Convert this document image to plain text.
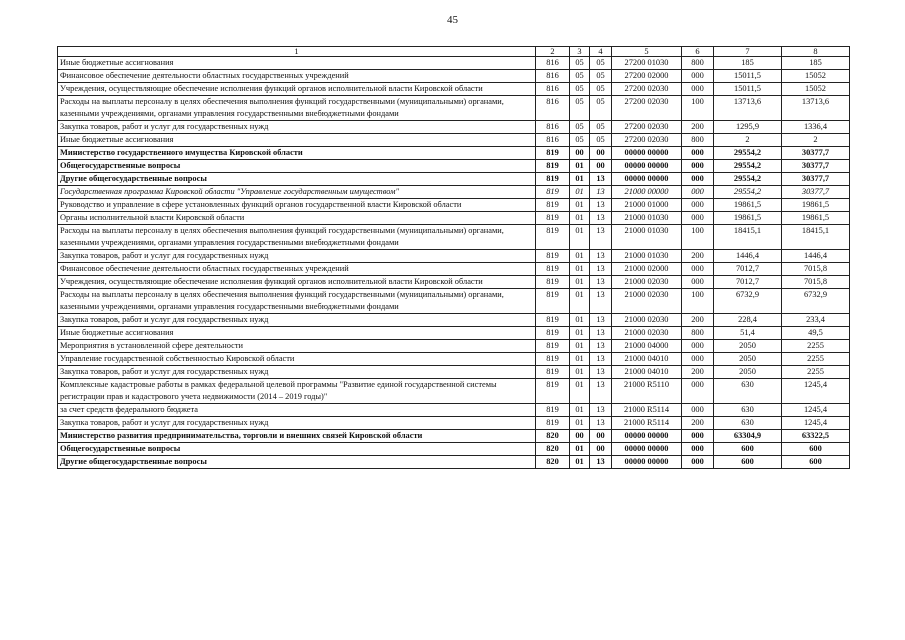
45
1	2	3	4	5	6	7	8
Иные бюджетные ассигнования	816	05	05	27200 01030	800	185	185
Финансовое обеспечение деятельности областных государственных учреждений	816	05	05	27200 02000	000	15011,5	15052
Учреждения, осуществляющие обеспечение исполнения функций органов исполнительной власти Кировской области	816	05	05	27200 02030	000	15011,5	15052
Расходы на выплаты персоналу в целях обеспечения выполнения функций государственными (муниципальными) органами, казенными учреждениями, органами управления государственными внебюджетными фондами	816	05	05	27200 02030	100	13713,6	13713,6
Закупка товаров, работ и услуг для государственных нужд	816	05	05	27200 02030	200	1295,9	1336,4
Иные бюджетные ассигнования	816	05	05	27200 02030	800	2	2
Министерство государственного имущества Кировской области	819	00	00	00000 00000	000	29554,2	30377,7
Общегосударственные вопросы	819	01	00	00000 00000	000	29554,2	30377,7
Другие общегосударственные вопросы	819	01	13	00000 00000	000	29554,2	30377,7
Государственная программа Кировской области "Управление государственным имуществом"	819	01	13	21000 00000	000	29554,2	30377,7
Руководство и управление в сфере установленных функций органов государственной власти Кировской области	819	01	13	21000 01000	000	19861,5	19861,5
Органы исполнительной власти Кировской области	819	01	13	21000 01030	000	19861,5	19861,5
Расходы на выплаты персоналу в целях обеспечения выполнения функций государственными (муниципальными) органами, казенными учреждениями, органами управления государственными внебюджетными фондами	819	01	13	21000 01030	100	18415,1	18415,1
Закупка товаров, работ и услуг для государственных нужд	819	01	13	21000 01030	200	1446,4	1446,4
Финансовое обеспечение деятельности областных государственных учреждений	819	01	13	21000 02000	000	7012,7	7015,8
Учреждения, осуществляющие обеспечение исполнения функций органов исполнительной власти Кировской области	819	01	13	21000 02030	000	7012,7	7015,8
Расходы на выплаты персоналу в целях обеспечения выполнения функций государственными (муниципальными) органами, казенными учреждениями, органами управления государственными внебюджетными фондами	819	01	13	21000 02030	100	6732,9	6732,9
Закупка товаров, работ и услуг для государственных нужд	819	01	13	21000 02030	200	228,4	233,4
Иные бюджетные ассигнования	819	01	13	21000 02030	800	51,4	49,5
Мероприятия в установленной сфере деятельности	819	01	13	21000 04000	000	2050	2255
Управление государственной собственностью Кировской области	819	01	13	21000 04010	000	2050	2255
Закупка товаров, работ и услуг для государственных нужд	819	01	13	21000 04010	200	2050	2255
Комплексные кадастровые работы в рамках федеральной целевой программы "Развитие единой государственной системы регистрации прав и кадастрового учета недвижимости (2014 – 2019 годы)"	819	01	13	21000 R5110	000	630	1245,4
за счет средств федерального бюджета	819	01	13	21000 R5114	000	630	1245,4
Закупка товаров, работ и услуг для государственных нужд	819	01	13	21000 R5114	200	630	1245,4
Министерство развития предпринимательства, торговли и внешних связей Кировской области	820	00	00	00000 00000	000	63304,9	63322,5
Общегосударственные вопросы	820	01	00	00000 00000	000	600	600
Другие общегосударственные вопросы	820	01	13	00000 00000	000	600	600
